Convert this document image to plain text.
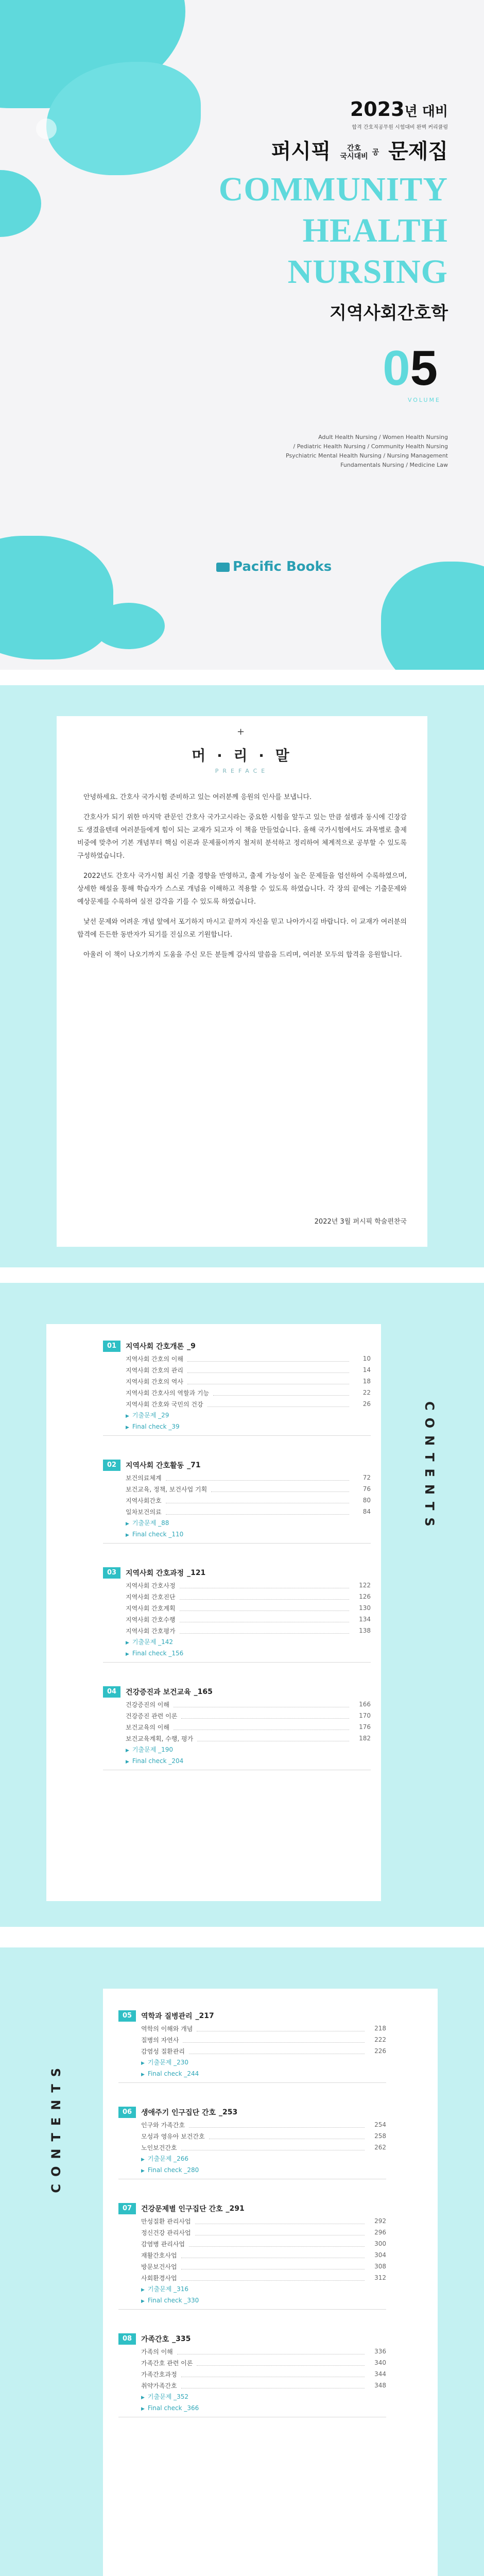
2023년 대비
합격 간호직공무원 시험대비 완벽 커리큘럼
퍼시픽 간호
국시대비 공 문제집
COMMUNITY
HEALTH
NURSING
지역사회간호학
05
VOLUME
Adult Health Nursing / Women Health Nursing
/ Pediatric Health Nursing / Community Health Nursing
Psychiatric Mental Health Nursing / Nursing Management
Fundamentals Nursing / Medicine Law
Pacific Books
+
머 · 리 · 말
PREFACE

안녕하세요. 간호사 국가시험 준비하고 있는 여러분께 응원의 인사를 보냅니다.

간호사가 되기 위한 마지막 관문인 간호사 국가고시라는 중요한 시험을 앞두고 있는 만큼 설렘과 동시에 긴장감도 생겼을텐데 여러분들에게 힘이 되는 교재가 되고자 이 책을 만들었습니다. 올해 국가시험에서도 과목별로 출제 비중에 맞추어 기본 개념부터 핵심 이론과 문제풀이까지 철저히 분석하고 정리하여 체계적으로 공부할 수 있도록 구성하였습니다.

2022년도 간호사 국가시험 최신 기출 경향을 반영하고, 출제 가능성이 높은 문제들을 엄선하여 수록하였으며, 상세한 해설을 통해 학습자가 스스로 개념을 이해하고 적용할 수 있도록 하였습니다. 각 장의 끝에는 기출문제와 예상문제를 수록하여 실전 감각을 기를 수 있도록 하였습니다.

낯선 문제와 어려운 개념 앞에서 포기하지 마시고 끝까지 자신을 믿고 나아가시길 바랍니다. 이 교재가 여러분의 합격에 든든한 동반자가 되기를 진심으로 기원합니다.

아울러 이 책이 나오기까지 도움을 주신 모든 분들께 감사의 말씀을 드리며, 여러분 모두의 합격을 응원합니다.

2022년 3월 퍼시픽 학술편찬국
CONTENTS
01	지역사회 간호개론 _9
지역사회 간호의 이해	10
지역사회 간호의 관리	14
지역사회 간호의 역사	18
지역사회 간호사의 역할과 기능	22
지역사회 간호와 국민의 건강	26
▶ 기출문제 _29
▶ Final check _39
02	지역사회 간호활동 _71
보건의료체계	72
보건교육, 정책, 보건사업 기획	76
지역사회간호	80
일차보건의료	84
▶ 기출문제 _88
▶ Final check _110
03	지역사회 간호과정 _121
지역사회 간호사정	122
지역사회 간호진단	126
지역사회 간호계획	130
지역사회 간호수행	134
지역사회 간호평가	138
▶ 기출문제 _142
▶ Final check _156
04	건강증진과 보건교육 _165
건강증진의 이해	166
건강증진 관련 이론	170
보건교육의 이해	176
보건교육계획, 수행, 평가	182
▶ 기출문제 _190
▶ Final check _204
CONTENTS
05	역학과 질병관리 _217
역학의 이해와 개념	218
질병의 자연사	222
감염성 질환관리	226
▶ 기출문제 _230
▶ Final check _244
06	생애주기 인구집단 간호 _253
인구와 가족간호	254
모성과 영유아 보건간호	258
노인보건간호	262
▶ 기출문제 _266
▶ Final check _280
07	건강문제별 인구집단 간호 _291
만성질환 관리사업	292
정신건강 관리사업	296
감염병 관리사업	300
재활간호사업	304
방문보건사업	308
사회환경사업	312
▶ 기출문제 _316
▶ Final check _330
08	가족간호 _335
가족의 이해	336
가족간호 관련 이론	340
가족간호과정	344
취약가족간호	348
▶ 기출문제 _352
▶ Final check _366
